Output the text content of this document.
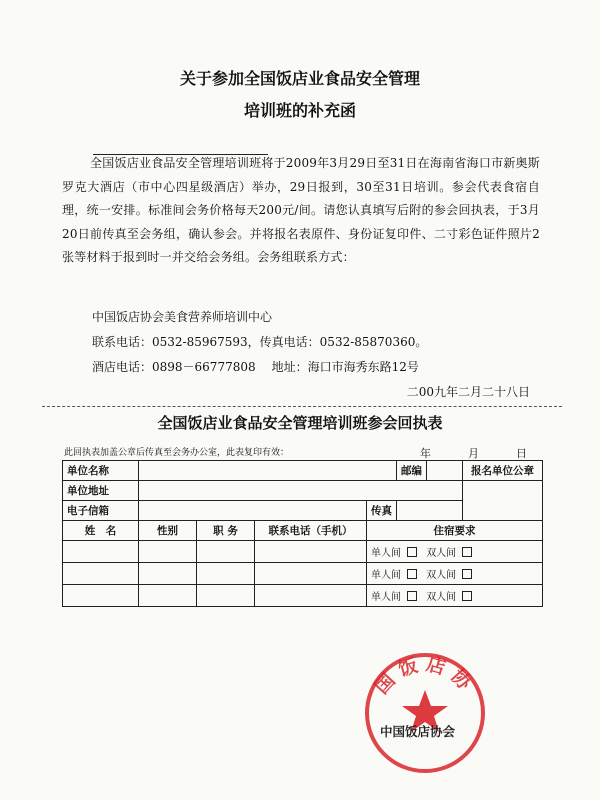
关于参加全国饭店业食品安全管理
培训班的补充函
全国饭店业食品安全管理培训班将于2009年3月29日至31日在海南省海口市新奥斯罗克大酒店（市中心四星级酒店）举办，29日报到，30至31日培训。参会代表食宿自理，统一安排。标准间会务价格每天200元/间。请您认真填写后附的参会回执表，于3月20日前传真至会务组，确认参会。并将报名表原件、身份证复印件、二寸彩色证件照片2张等材料于报到时一并交给会务组。会务组联系方式：
中国饭店协会美食营养师培训中心
联系电话：0532-85967593，传真电话：0532-85870360。
酒店电话：0898－66777808 地址：海口市海秀东路12号
二00九年二月二十八日
全国饭店业食品安全管理培训班参会回执表
此回执表加盖公章后传真至会务办公室，此表复印有效：	年	月	日
单位名称					邮编		报名单位公章
单位地址							
电子信箱				传真			
姓　名	性别	职 务	联系电话（手机）	住宿要求			
				单人间 双人间			
				单人间 双人间			
				单人间 双人间			
国饭店协
中国饭店协会
